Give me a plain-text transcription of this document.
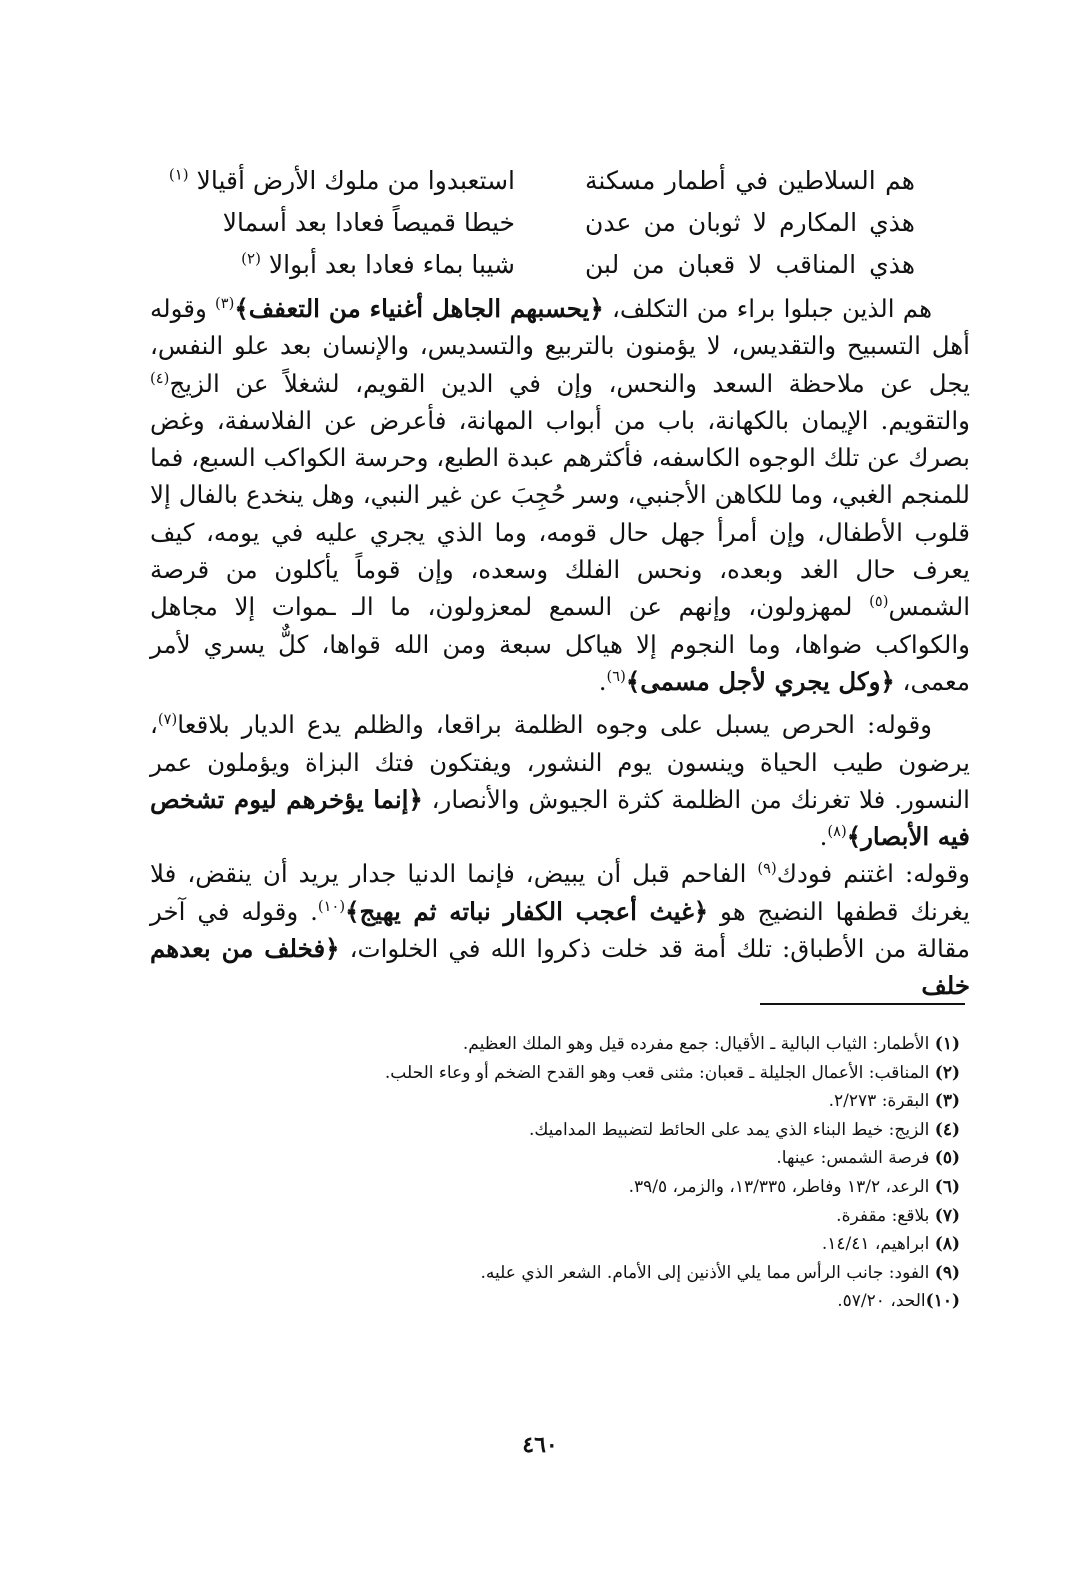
هم السلاطين في أطمار مسكنة
استعبدوا من ملوك الأرض أقيالا $^{(١)}$
هذي المكارم لا ثوبان من عدن
خيطا قميصاً فعادا بعد أسمالا
هذي المناقب لا قعبان من لبن
شيبا بماء فعادا بعد أبوالا $^{(٢)}$

هم الذين جبلوا براء من التكلف، ﴿يحسبهم الجاهل أغنياء من التعفف﴾$^{(٣)}$ وقوله أهل التسبيح والتقديس، لا يؤمنون بالتربيع والتسديس، والإنسان بعد علو النفس، يجل عن ملاحظة السعد والنحس، وإن في الدين القويم، لشغلاً عن الزيج$^{(٤)}$ والتقويم. الإيمان بالكهانة، باب من أبواب المهانة، فأعرض عن الفلاسفة، وغض بصرك عن تلك الوجوه الكاسفه، فأكثرهم عبدة الطبع، وحرسة الكواكب السبع، فما للمنجم الغبي، وما للكاهن الأجنبي، وسر حُجِبَ عن غير النبي، وهل ينخدع بالفال إلا قلوب الأطفال، وإن أمرأ جهل حال قومه، وما الذي يجري عليه في يومه، كيف يعرف حال الغد وبعده، ونحس الفلك وسعده، وإن قوماً يأكلون من قرصة الشمس$^{(٥)}$ لمهزولون، وإنهم عن السمع لمعزولون، ما الـ ـموات إلا مجاهل والكواكب ضواها، وما النجوم إلا هياكل سبعة ومن الله قواها، كلٌّ يسري لأمر معمى، ﴿وكل يجري لأجل مسمى﴾$^{(٦)}$.

وقوله: الحرص يسبل على وجوه الظلمة براقعا، والظلم يدع الديار بلاقعا$^{(٧)}$، يرضون طيب الحياة وينسون يوم النشور، ويفتكون فتك البزاة ويؤملون عمر النسور. فلا تغرنك من الظلمة كثرة الجيوش والأنصار، ﴿إنما يؤخرهم ليوم تشخص فيه الأبصار﴾$^{(٨)}$.

وقوله: اغتنم فودك$^{(٩)}$ الفاحم قبل أن يبيض، فإنما الدنيا جدار يريد أن ينقض، فلا يغرنك قطفها النضيج هو ﴿غيث أعجب الكفار نباته ثم يهيج﴾$^{(١٠)}$. وقوله في آخر مقالة من الأطباق: تلك أمة قد خلت ذكروا الله في الخلوات، ﴿فخلف من بعدهم خلف

(١) الأطمار: الثياب البالية ـ الأقيال: جمع مفرده قيل وهو الملك العظيم.
(٢) المناقب: الأعمال الجليلة ـ قعبان: مثنى قعب وهو القدح الضخم أو وعاء الحلب.
(٣) البقرة: ٢/٢٧٣.
(٤) الزيج: خيط البناء الذي يمد على الحائط لتضبيط المداميك.
(٥) فرصة الشمس: عينها.
(٦) الرعد، ١٣/٢ وفاطر، ١٣/٣٣٥، والزمر، ٣٩/٥.
(٧) بلاقع: مقفرة.
(٨) ابراهيم، ١٤/٤١.
(٩) الفود: جانب الرأس مما يلي الأذنين إلى الأمام. الشعر الذي عليه.
(١٠)الحد، ٥٧/٢٠.
٤٦٠
